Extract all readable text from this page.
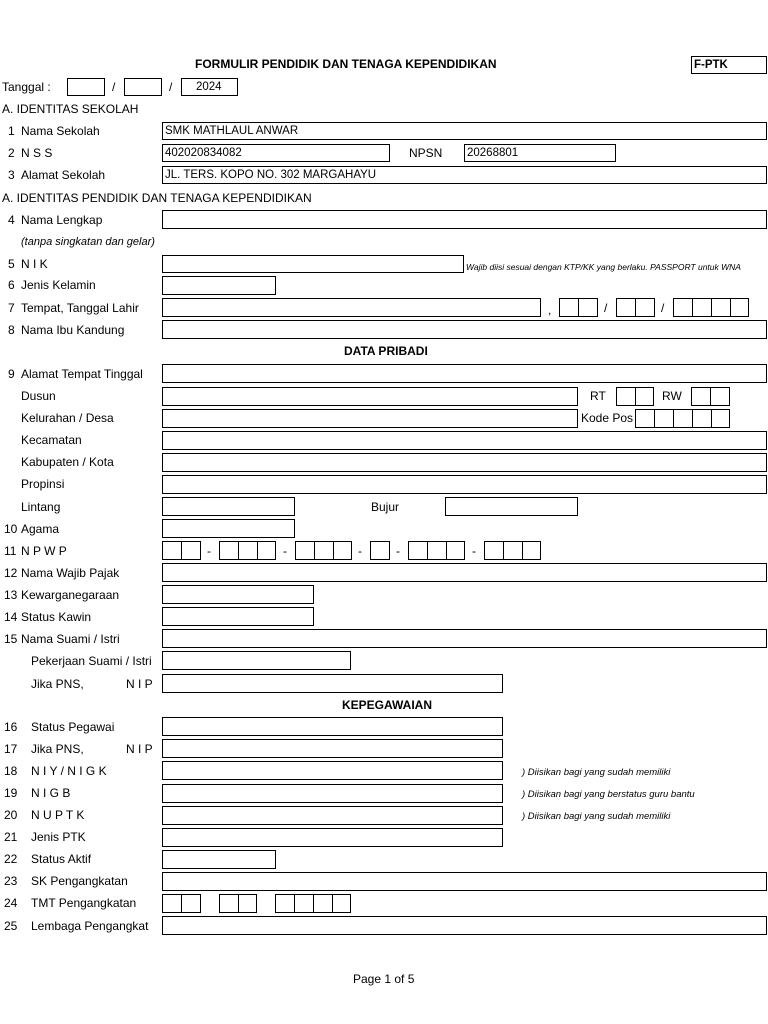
FORMULIR PENDIDIK DAN TENAGA KEPENDIDIKAN	F-PTK
Tanggal :	/	/ 2024
A. IDENTITAS SEKOLAH
1 Nama Sekolah	SMK MATHLAUL ANWAR
2 N S S	402020834082	NPSN 20268801
3 Alamat Sekolah	JL. TERS. KOPO NO. 302 MARGAHAYU
A. IDENTITAS PENDIDIK DAN TENAGA KEPENDIDIKAN
4 Nama Lengkap
(tanpa singkatan dan gelar)
5 N I K	Wajib diisi sesuai dengan KTP/KK yang berlaku. PASSPORT untuk WNA
6 Jenis Kelamin
7 Tempat, Tanggal Lahir	,	/	/
8 Nama Ibu Kandung
DATA PRIBADI
9 Alamat Tempat Tinggal
Dusun	RT	RW
Kelurahan / Desa	Kode Pos
Kecamatan
Kabupaten / Kota
Propinsi
Lintang	Bujur
10 Agama
11 N P W P	-	-	-	-	-
12 Nama Wajib Pajak
13 Kewarganegaraan
14 Status Kawin
15 Nama Suami / Istri
Pekerjaan Suami / Istri
Jika PNS,	N I P
KEPEGAWAIAN
16 Status Pegawai
17 Jika PNS,	N I P
18 N I Y / N I G K	) Diisikan bagi yang sudah memiliki
19 N I G B	) Diisikan bagi yang berstatus guru bantu
20 N U P T K	) Diisikan bagi yang sudah memiliki
21 Jenis PTK
22 Status Aktif
23 SK Pengangkatan
24 TMT Pengangkatan
25 Lembaga Pengangkat
Page 1 of 5
